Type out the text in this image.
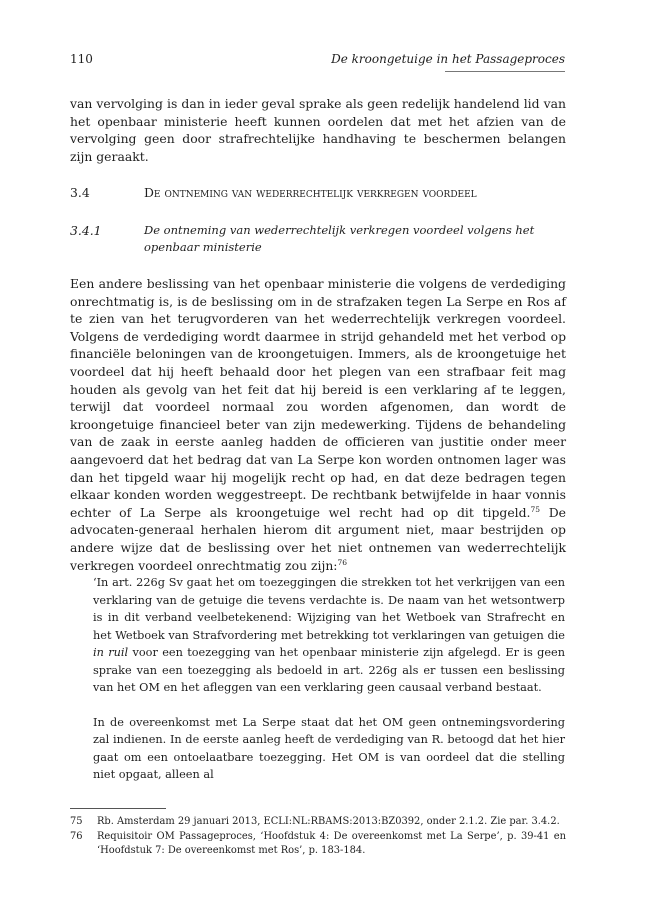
110	De kroongetuige in het Passageproces

van vervolging is dan in ieder geval sprake als geen redelijk handelend lid van het openbaar ministerie heeft kunnen oordelen dat met het afzien van de vervolging geen door strafrechtelijke handhaving te beschermen belangen zijn geraakt.

3.4	De ontneming van wederrechtelijk verkregen voordeel
3.4.1	De ontneming van wederrechtelijk verkregen voordeel volgens het openbaar ministerie

Een andere beslissing van het openbaar ministerie die volgens de verdediging onrechtmatig is, is de beslissing om in de strafzaken tegen La Serpe en Ros af te zien van het terugvorderen van het wederrechtelijk verkregen voordeel. Volgens de verdediging wordt daarmee in strijd gehandeld met het verbod op financiële beloningen van de kroongetuigen. Immers, als de kroongetuige het voordeel dat hij heeft behaald door het plegen van een strafbaar feit mag houden als gevolg van het feit dat hij bereid is een verklaring af te leggen, terwijl dat voordeel normaal zou worden afgenomen, dan wordt de kroongetuige financieel beter van zijn medewerking. Tijdens de behandeling van de zaak in eerste aanleg hadden de officieren van justitie onder meer aangevoerd dat het bedrag dat van La Serpe kon worden ontnomen lager was dan het tipgeld waar hij mogelijk recht op had, en dat deze bedragen tegen elkaar konden worden weggestreept. De rechtbank betwijfelde in haar vonnis echter of La Serpe als kroongetuige wel recht had op dit tipgeld.$^{75}$ De advocaten-generaal herhalen hierom dit argument niet, maar bestrijden op andere wijze dat de beslissing over het niet ontnemen van wederrechtelijk verkregen voordeel onrechtmatig zou zijn:$^{76}$

‘In art. 226g Sv gaat het om toezeggingen die strekken tot het verkrijgen van een verklaring van de getuige die tevens verdachte is. De naam van het wetsontwerp is in dit verband veelbetekenend: Wijziging van het Wetboek van Strafrecht en het Wetboek van Strafvordering met betrekking tot verklaringen van getuigen die in ruil voor een toezegging van het openbaar ministerie zijn afgelegd. Er is geen sprake van een toezegging als bedoeld in art. 226g als er tussen een beslissing van het OM en het afleggen van een verklaring geen causaal verband bestaat.

In de overeenkomst met La Serpe staat dat het OM geen ontnemingsvordering zal indienen. In de eerste aanleg heeft de verdediging van R. betoogd dat het hier gaat om een ontoelaatbare toezegging. Het OM is van oordeel dat die stelling niet opgaat, alleen al

75 Rb. Amsterdam 29 januari 2013, ECLI:NL:RBAMS:2013:BZ0392, onder 2.1.2. Zie par. 3.4.2.
76 Requisitoir OM Passageproces, ‘Hoofdstuk 4: De overeenkomst met La Serpe’, p. 39-41 en ‘Hoofdstuk 7: De overeenkomst met Ros’, p. 183-184.
